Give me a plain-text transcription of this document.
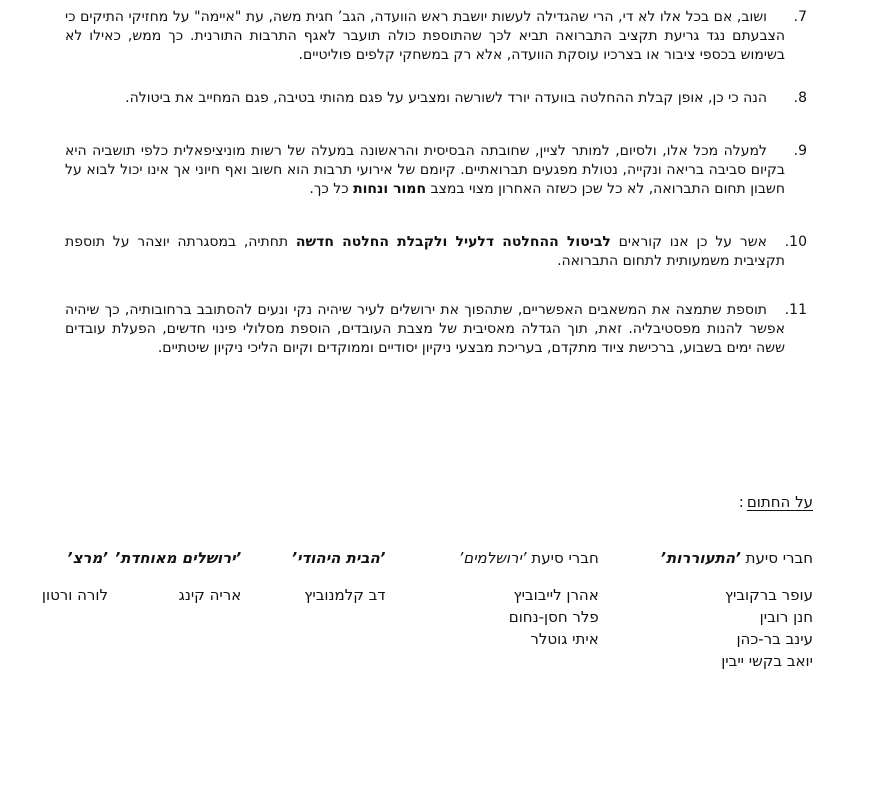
7.
ושוב, אם בכל אלו לא די, הרי שהגדילה לעשות יושבת ראש הוועדה, הגב’ חגית משה, עת "איימה" על מחזיקי התיקים כי הצבעתם נגד גריעת תקציב התברואה תביא לכך שהתוספת כולה תועבר לאגף התרבות התורנית. כך ממש, כאילו לא בשימוש בכספי ציבור או בצרכיו עוסקת הוועדה, אלא רק במשחקי קלפים פוליטיים.
8.
הנה כי כן, אופן קבלת ההחלטה בוועדה יורד לשורשה ומצביע על פגם מהותי בטיבה, פגם המחייב את ביטולה.
9.
למעלה מכל אלו, ולסיום, למותר לציין, שחובתה הבסיסית והראשונה במעלה של רשות מוניציפאלית כלפי תושביה היא בקיום סביבה בריאה ונקייה, נטולת מפגעים תברואתיים. קיומם של אירועי תרבות הוא חשוב ואף חיוני אך אינו יכול לבוא על חשבון תחום התברואה, לא כל שכן כשזה האחרון מצוי במצב חמור ונחות כל כך.
10.
אשר על כן אנו קוראים לביטול ההחלטה דלעיל ולקבלת החלטה חדשה תחתיה, במסגרתה יוצהר על תוספת תקציבית משמעותית לתחום התברואה.
11.
תוספת שתמצה את המשאבים האפשריים, שתהפוך את ירושלים לעיר שיהיה נקי ונעים להסתובב ברחובותיה, כך שיהיה אפשר להנות מפסטיבליה. זאת, תוך הגדלה מאסיבית של מצבת העובדים, הוספת מסלולי פינוי חדשים, הפעלת עובדים ששה ימים בשבוע, ברכישת ציוד מתקדם, בעריכת מבצעי ניקיון יסודיים וממוקדים וקיום הליכי ניקיון שיטתיים.
על החתום:
חברי סיעת ’התעוררות’
עופר ברקוביץ
חנן רובין
עינב בר-כהן
יואב בקשי ייבין
חברי סיעת ’ירושלמים’
אהרן לייבוביץ
פלר חסן-נחום
איתי גוטלר
’הבית היהודי’
דב קלמנוביץ
’ירושלים מאוחדת’
אריה קינג
’מרצ’
לורה ורטון
